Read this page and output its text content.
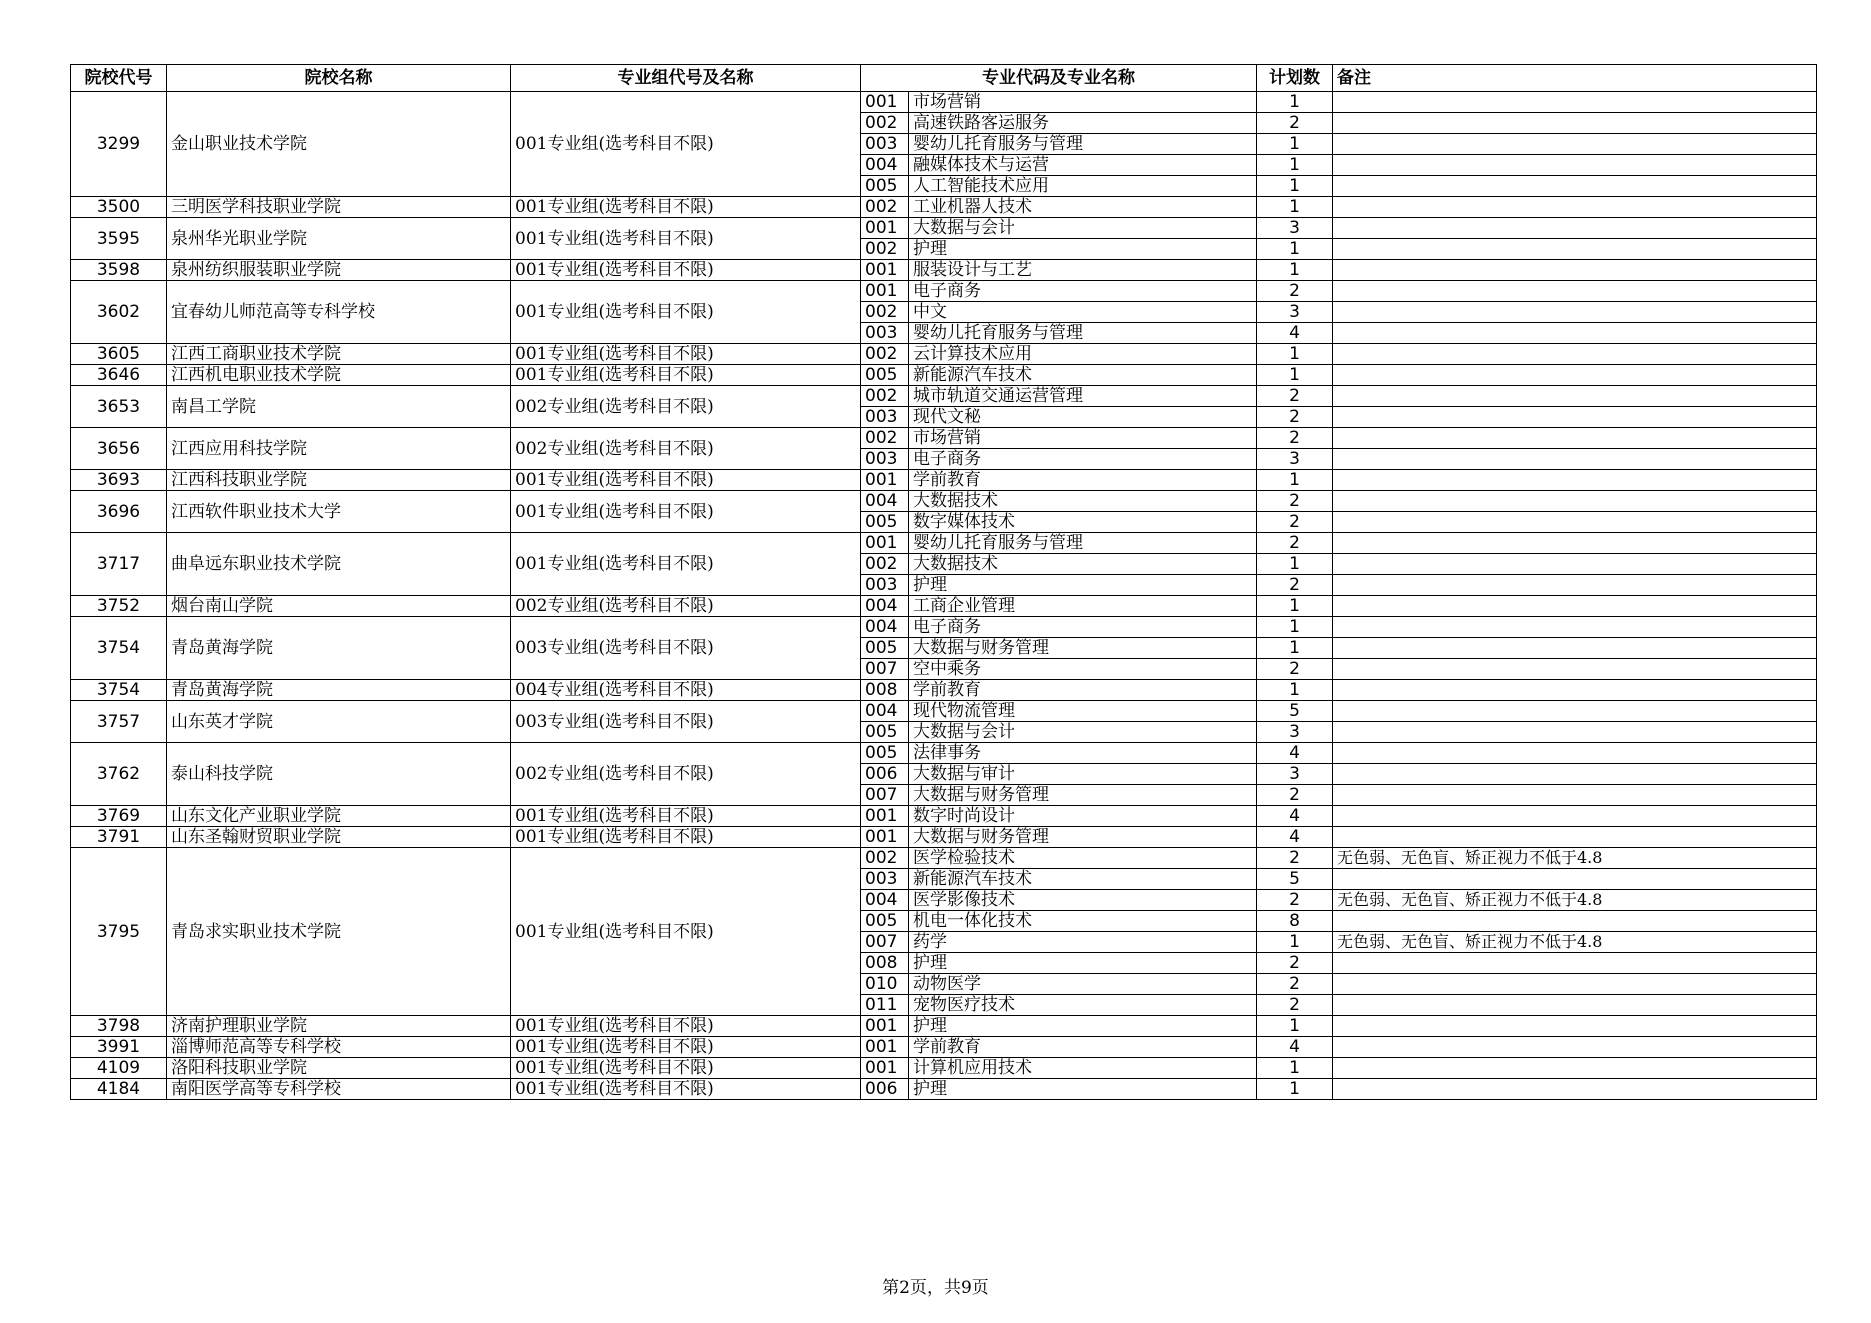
院校代号	院校名称	专业组代号及名称	专业代码及专业名称		计划数	备注
3299	金山职业技术学院	001专业组(选考科目不限)	001	市场营销	1	
			002	高速铁路客运服务	2	
			003	婴幼儿托育服务与管理	1	
			004	融媒体技术与运营	1	
			005	人工智能技术应用	1	
3500	三明医学科技职业学院	001专业组(选考科目不限)	002	工业机器人技术	1	
3595	泉州华光职业学院	001专业组(选考科目不限)	001	大数据与会计	3	
			002	护理	1	
3598	泉州纺织服装职业学院	001专业组(选考科目不限)	001	服装设计与工艺	1	
3602	宜春幼儿师范高等专科学校	001专业组(选考科目不限)	001	电子商务	2	
			002	中文	3	
			003	婴幼儿托育服务与管理	4	
3605	江西工商职业技术学院	001专业组(选考科目不限)	002	云计算技术应用	1	
3646	江西机电职业技术学院	001专业组(选考科目不限)	005	新能源汽车技术	1	
3653	南昌工学院	002专业组(选考科目不限)	002	城市轨道交通运营管理	2	
			003	现代文秘	2	
3656	江西应用科技学院	002专业组(选考科目不限)	002	市场营销	2	
			003	电子商务	3	
3693	江西科技职业学院	001专业组(选考科目不限)	001	学前教育	1	
3696	江西软件职业技术大学	001专业组(选考科目不限)	004	大数据技术	2	
			005	数字媒体技术	2	
3717	曲阜远东职业技术学院	001专业组(选考科目不限)	001	婴幼儿托育服务与管理	2	
			002	大数据技术	1	
			003	护理	2	
3752	烟台南山学院	002专业组(选考科目不限)	004	工商企业管理	1	
3754	青岛黄海学院	003专业组(选考科目不限)	004	电子商务	1	
			005	大数据与财务管理	1	
			007	空中乘务	2	
3754	青岛黄海学院	004专业组(选考科目不限)	008	学前教育	1	
3757	山东英才学院	003专业组(选考科目不限)	004	现代物流管理	5	
			005	大数据与会计	3	
3762	泰山科技学院	002专业组(选考科目不限)	005	法律事务	4	
			006	大数据与审计	3	
			007	大数据与财务管理	2	
3769	山东文化产业职业学院	001专业组(选考科目不限)	001	数字时尚设计	4	
3791	山东圣翰财贸职业学院	001专业组(选考科目不限)	001	大数据与财务管理	4	
3795	青岛求实职业技术学院	001专业组(选考科目不限)	002	医学检验技术	2	无色弱、无色盲、矫正视力不低于4.8
			003	新能源汽车技术	5	
			004	医学影像技术	2	无色弱、无色盲、矫正视力不低于4.8
			005	机电一体化技术	8	
			007	药学	1	无色弱、无色盲、矫正视力不低于4.8
			008	护理	2	
			010	动物医学	2	
			011	宠物医疗技术	2	
3798	济南护理职业学院	001专业组(选考科目不限)	001	护理	1	
3991	淄博师范高等专科学校	001专业组(选考科目不限)	001	学前教育	4	
4109	洛阳科技职业学院	001专业组(选考科目不限)	001	计算机应用技术	1	
4184	南阳医学高等专科学校	001专业组(选考科目不限)	006	护理	1	
第2页，共9页
